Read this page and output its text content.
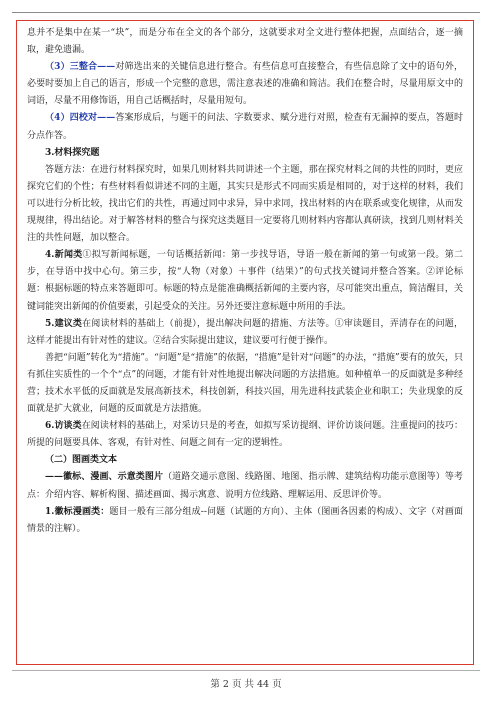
息并不是集中在某一“块”，而是分布在全文的各个部分，这就要求对全文进行整体把握，点面结合，逐一摘取，避免遗漏。

（3）三整合——对筛选出来的关键信息进行整合。有些信息可直接整合，有些信息除了文中的语句外，必要时要加上自己的语言，形成一个完整的意思，需注意表述的准确和简洁。我们在整合时，尽量用原文中的词语，尽量不用修饰语，用自己话概括时，尽量用短句。

（4）四校对——答案形成后，与题干的问法、字数要求、赋分进行对照，检查有无漏掉的要点，答题时分点作答。

3.材料探究题

答题方法：在进行材料探究时，如果几则材料共同讲述一个主题，那在探究材料之间的共性的同时，更应探究它们的个性；有些材料看似讲述不同的主题，其实只是形式不同而实质是相同的，对于这样的材料，我们可以进行分析比较，找出它们的共性，再通过同中求异，异中求同，找出材料的内在联系或变化规律，从而发现规律，得出结论。对于解答材料的整合与探究这类题目一定要将几则材料内容都认真研读，找到几则材料关注的共性问题，加以整合。

4.新闻类①拟写新闻标题，一句话概括新闻：第一步找导语，导语一般在新闻的第一句或第一段。第二步，在导语中找中心句。第三步，按“人物（对象）＋事件（结果）”的句式找关键词并整合答案。②评论标题：根据标题的特点来答题即可。标题的特点是能准确概括新闻的主要内容，尽可能突出重点，简洁醒目，关键词能突出新闻的价值要素，引起受众的关注。另外还要注意标题中所用的手法。

5.建议类在阅读材料的基础上（前提），提出解决问题的措施、方法等。①审读题目，弄清存在的问题，这样才能提出有针对性的建议。②结合实际提出建议，建议要可行便于操作。

善把“问题”转化为“措施”。“问题”是“措施”的依据，“措施”是针对“问题”的办法，“措施”要有的放矢，只有抓住实质性的一个个“点”的问题，才能有针对性地提出解决问题的方法措施。如种植单一的反面就是多种经营；技术水平低的反面就是发展高新技术，科技创新，科技兴国，用先进科技武装企业和职工；失业现象的反面就是扩大就业，问题的反面就是方法措施。

6.访谈类在阅读材料的基础上，对采访只是的考查，如拟写采访提纲、评价访谈问题。注重提问的技巧：所提的问题要具体、客观，有针对性、问题之间有一定的逻辑性。

（二）图画类文本

——徽标、漫画、示意类图片（道路交通示意图、线路图、地图、指示牌、建筑结构功能示意图等）等考点：介绍内容、解析构图、描述画面、揭示寓意、说明方位线路、理解运用、反思评价等。

1.徽标漫画类：题目一般有三部分组成--问题（试题的方向）、主体（图画各因素的构成）、文字（对画面情景的注解）。

第 2 页 共 44 页
